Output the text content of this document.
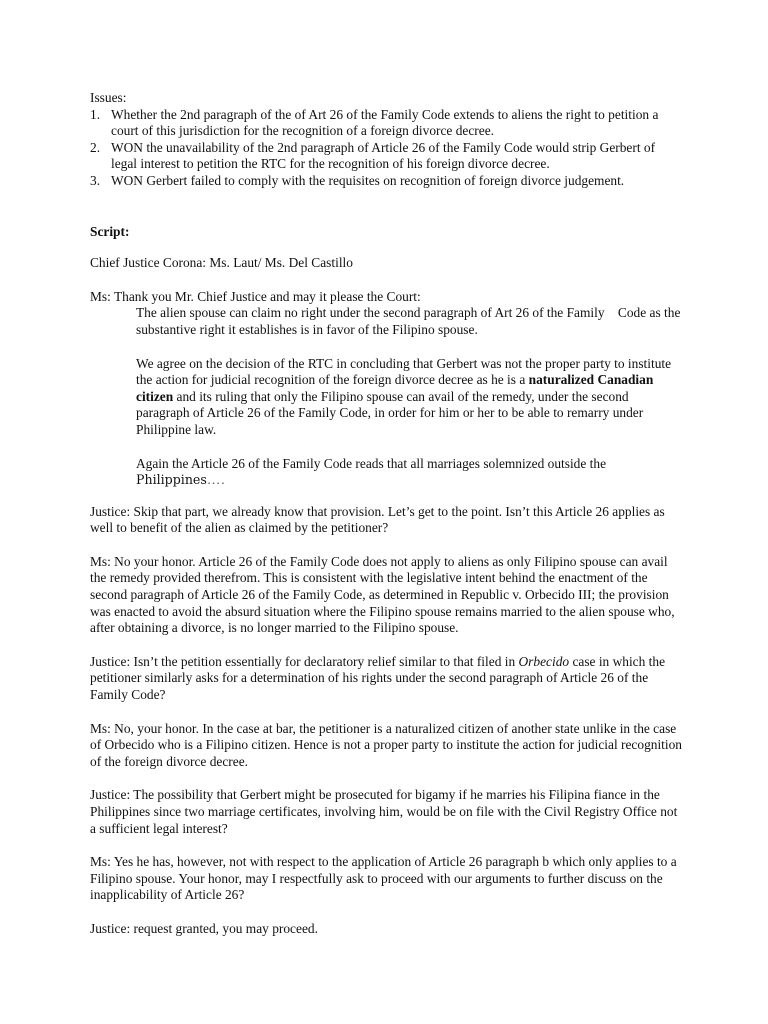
Issues:

1. Whether the 2nd paragraph of the of Art 26 of the Family Code extends to aliens the right to petition a court of this jurisdiction for the recognition of a foreign divorce decree.
2. WON the unavailability of the 2nd paragraph of Article 26 of the Family Code would strip Gerbert of legal interest to petition the RTC for the recognition of his foreign divorce decree.
3. WON Gerbert failed to comply with the requisites on recognition of foreign divorce judgement.

Script:

Chief Justice Corona: Ms. Laut/ Ms. Del Castillo

Ms: Thank you Mr. Chief Justice and may it please the Court:

The alien spouse can claim no right under the second paragraph of Art 26 of the Family    Code as the substantive right it establishes is in favor of the Filipino spouse.

We agree on the decision of the RTC in concluding that Gerbert was not the proper party to institute the action for judicial recognition of the foreign divorce decree as he is a naturalized Canadian citizen and its ruling that only the Filipino spouse can avail of the remedy, under the second paragraph of Article 26 of the Family Code, in order for him or her to be able to remarry under Philippine law.

Again the Article 26 of the Family Code reads that all marriages solemnized outside the Philippines….

Justice: Skip that part, we already know that provision. Let’s get to the point. Isn’t this Article 26 applies as well to benefit of the alien as claimed by the petitioner?

Ms: No your honor. Article 26 of the Family Code does not apply to aliens as only Filipino spouse can avail the remedy provided therefrom. This is consistent with the legislative intent behind the enactment of the second paragraph of Article 26 of the Family Code, as determined in Republic v. Orbecido III; the provision was enacted to avoid the absurd situation where the Filipino spouse remains married to the alien spouse who, after obtaining a divorce, is no longer married to the Filipino spouse.

Justice: Isn’t the petition essentially for declaratory relief similar to that filed in Orbecido case in which the petitioner similarly asks for a determination of his rights under the second paragraph of Article 26 of the Family Code?

Ms: No, your honor. In the case at bar, the petitioner is a naturalized citizen of another state unlike in the case of Orbecido who is a Filipino citizen. Hence is not a proper party to institute the action for judicial recognition of the foreign divorce decree.

Justice: The possibility that Gerbert might be prosecuted for bigamy if he marries his Filipina fiance in the Philippines since two marriage certificates, involving him, would be on file with the Civil Registry Office not a sufficient legal interest?

Ms: Yes he has, however, not with respect to the application of Article 26 paragraph b which only applies to a Filipino spouse. Your honor, may I respectfully ask to proceed with our arguments to further discuss on the inapplicability of Article 26?

Justice: request granted, you may proceed.
